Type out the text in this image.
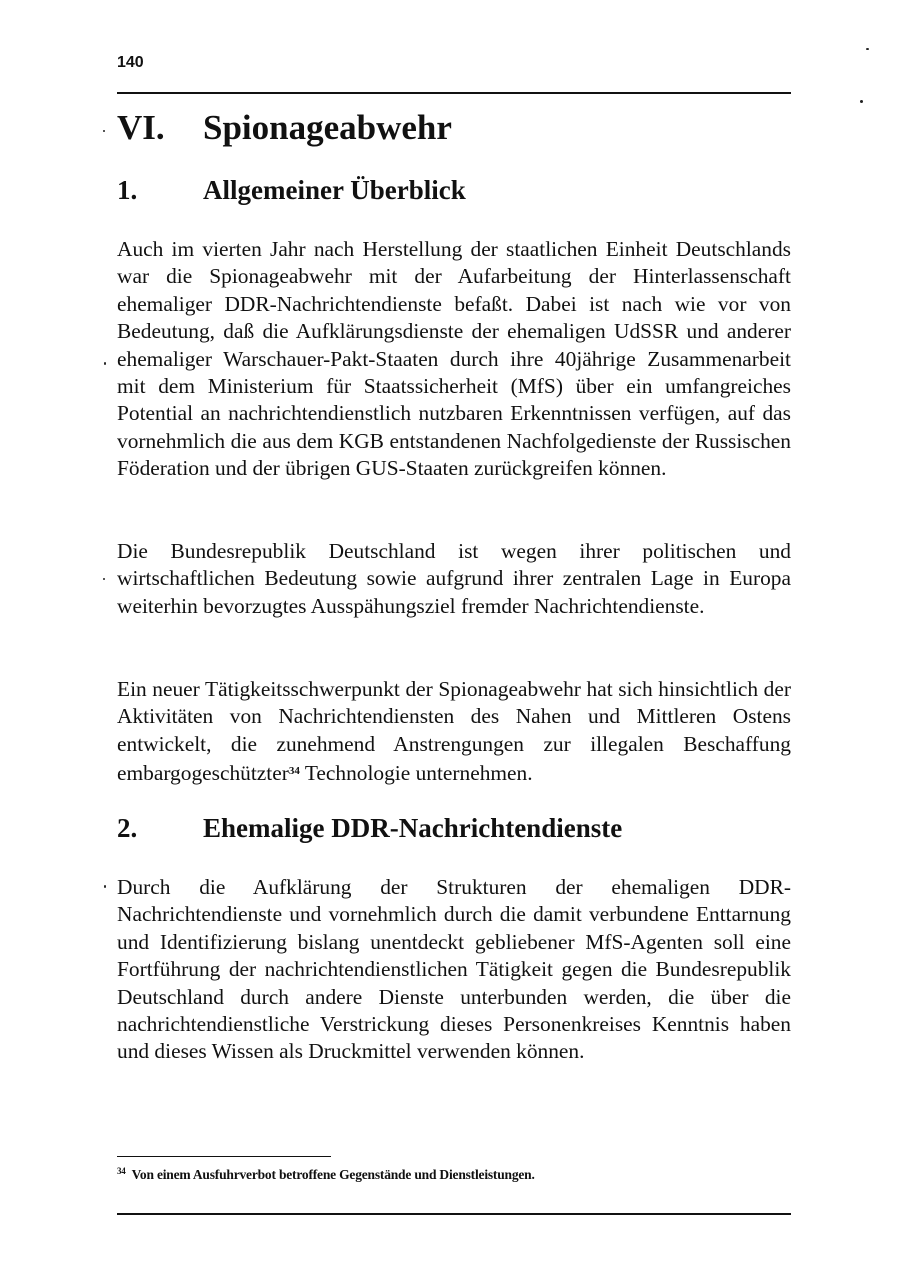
140
VI. Spionageabwehr
1. Allgemeiner Überblick
Auch im vierten Jahr nach Herstellung der staatlichen Einheit Deutschlands war die Spionageabwehr mit der Aufarbeitung der Hinterlassenschaft ehemaliger DDR-Nachrichtendienste befaßt. Dabei ist nach wie vor von Bedeutung, daß die Aufklärungsdienste der ehemaligen UdSSR und anderer ehemaliger Warschauer-Pakt-Staaten durch ihre 40jährige Zusammenarbeit mit dem Ministerium für Staatssicherheit (MfS) über ein umfangreiches Potential an nachrichtendienstlich nutzbaren Erkenntnissen verfügen, auf das vornehmlich die aus dem KGB entstandenen Nachfolgedienste der Russischen Föderation und der übrigen GUS-Staaten zurückgreifen können.
Die Bundesrepublik Deutschland ist wegen ihrer politischen und wirtschaftlichen Bedeutung sowie aufgrund ihrer zentralen Lage in Europa weiterhin bevorzugtes Ausspähungsziel fremder Nachrichtendienste.
Ein neuer Tätigkeitsschwerpunkt der Spionageabwehr hat sich hinsichtlich der Aktivitäten von Nachrichtendiensten des Nahen und Mittleren Ostens entwickelt, die zunehmend Anstrengungen zur illegalen Beschaffung embargogeschützter$^{34}$ Technologie unternehmen.
2. Ehemalige DDR-Nachrichtendienste
Durch die Aufklärung der Strukturen der ehemaligen DDR-Nachrichtendienste und vornehmlich durch die damit verbundene Enttarnung und Identifizierung bislang unentdeckt gebliebener MfS-Agenten soll eine Fortführung der nachrichtendienstlichen Tätigkeit gegen die Bundesrepublik Deutschland durch andere Dienste unterbunden werden, die über die nachrichtendienstliche Verstrickung dieses Personenkreises Kenntnis haben und dieses Wissen als Druckmittel verwenden können.
$^{34}$ Von einem Ausfuhrverbot betroffene Gegenstände und Dienstleistungen.
